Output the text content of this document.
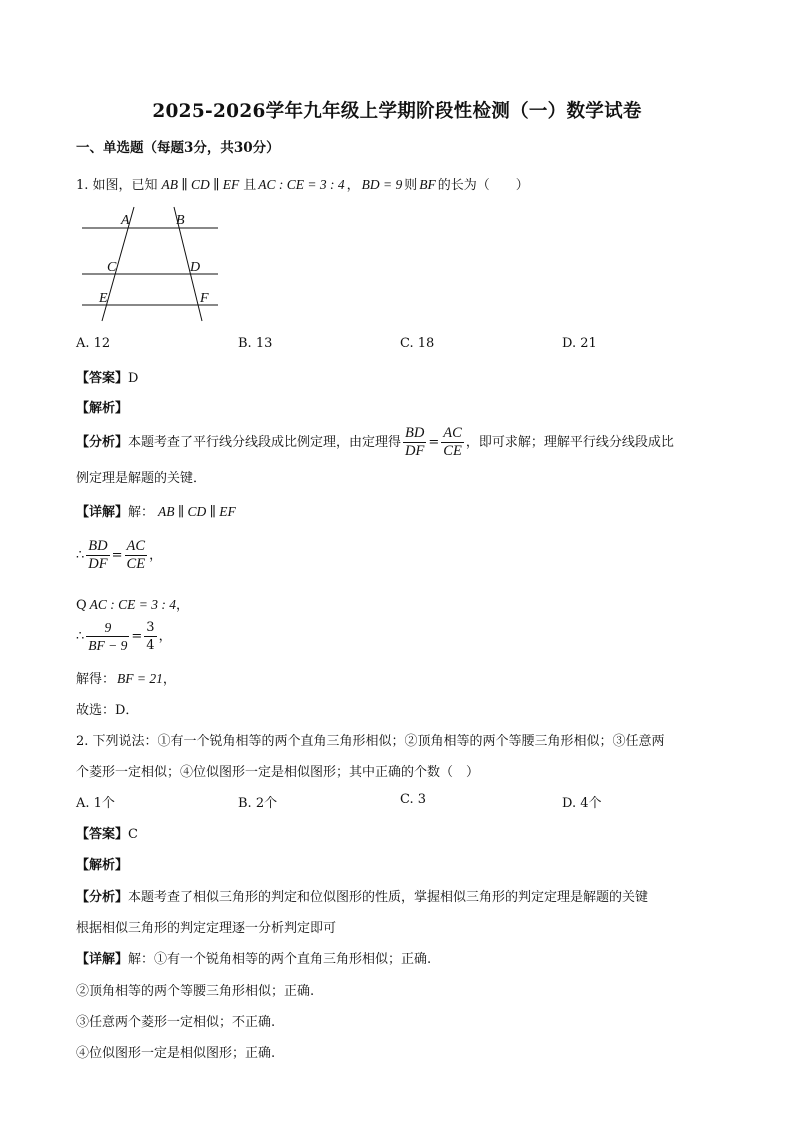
2025-2026学年九年级上学期阶段性检测（一）数学试卷
一、单选题（每题3分，共30分）
1. 如图，已知 AB ∥ CD ∥ EF 且 AC : CE = 3 : 4 ， BD = 9 则 BF 的长为（　　）
A	B
C	D
E	F
A. 12	B. 13	C. 18	D. 21
【答案】D
【解析】
【分析】本题考查了平行线分线段成比例定理，由定理得 $\frac{BD}{DF} = \frac{AC}{CE}$ ，即可求解；理解平行线分线段成比
例定理是解题的关键．
【详解】解： AB ∥ CD ∥ EF
∴ $\frac{BD}{DF} = \frac{AC}{CE}$ ，
Q AC : CE = 3 : 4，
∴ $\frac{9}{BF - 9} = \frac{3}{4}$ ，
解得： BF = 21，
故选：D．
2. 下列说法：①有一个锐角相等的两个直角三角形相似；②顶角相等的两个等腰三角形相似；③任意两
个菱形一定相似；④位似图形一定是相似图形；其中正确的个数（　）
A. 1个	B. 2个	C. 3	D. 4个
【答案】C
【解析】
【分析】本题考查了相似三角形的判定和位似图形的性质，掌握相似三角形的判定定理是解题的关键
根据相似三角形的判定定理逐一分析判定即可
【详解】解：①有一个锐角相等的两个直角三角形相似；正确.
②顶角相等的两个等腰三角形相似；正确.
③任意两个菱形一定相似；不正确.
④位似图形一定是相似图形；正确.
